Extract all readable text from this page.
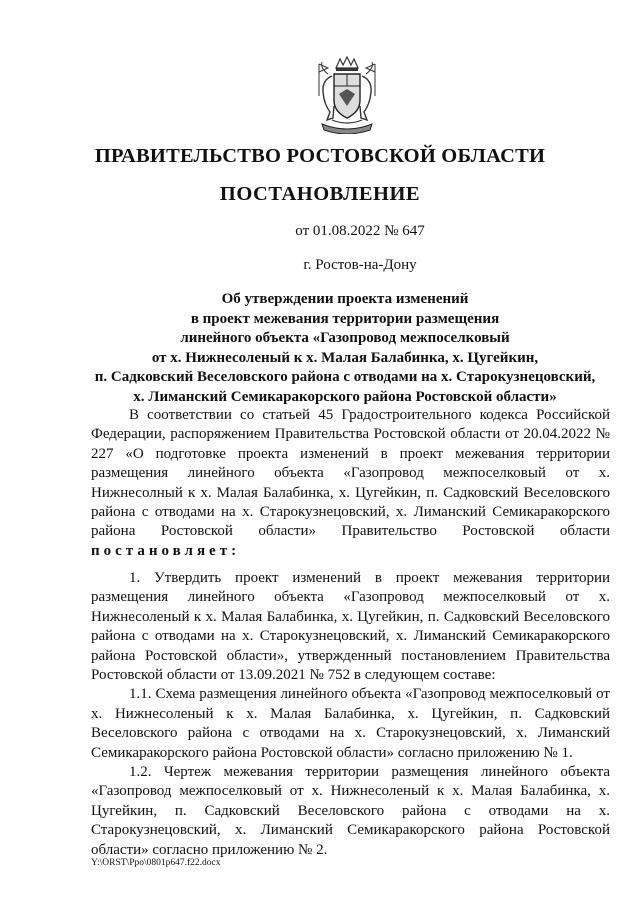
ПРАВИТЕЛЬСТВО РОСТОВСКОЙ ОБЛАСТИ
ПОСТАНОВЛЕНИЕ
от 01.08.2022 № 647
г. Ростов-на-Дону
Об утверждении проекта изменений
в проект межевания территории размещения
линейного объекта «Газопровод межпоселковый
от х. Нижнесоленый к х. Малая Балабинка, х. Цугейкин,
п. Садковский Веселовского района с отводами на х. Старокузнецовский,
х. Лиманский Семикаракорского района Ростовской области»

В соответствии со статьей 45 Градостроительного кодекса Российской Федерации, распоряжением Правительства Ростовской области от 20.04.2022 № 227 «О подготовке проекта изменений в проект межевания территории размещения линейного объекта «Газопровод межпоселковый от х. Нижнесолный к х. Малая Балабинка, х. Цугейкин, п. Садковский Веселовского района с отводами на х. Старокузнецовский, х. Лиманский Семикаракорского района Ростовской области» Правительство Ростовской области постановляет:

1. Утвердить проект изменений в проект межевания территории размещения линейного объекта «Газопровод межпоселковый от х. Нижнесоленый к х. Малая Балабинка, х. Цугейкин, п. Садковский Веселовского района с отводами на х. Старокузнецовский, х. Лиманский Семикаракорского района Ростовской области», утвержденный постановлением Правительства Ростовской области от 13.09.2021 № 752 в следующем составе:

1.1. Схема размещения линейного объекта «Газопровод межпоселковый от х. Нижнесоленый к х. Малая Балабинка, х. Цугейкин, п. Садковский Веселовского района с отводами на х. Старокузнецовский, х. Лиманский Семикаракорского района Ростовской области» согласно приложению № 1.

1.2. Чертеж межевания территории размещения линейного объекта «Газопровод межпоселковый от х. Нижнесоленый к х. Малая Балабинка, х. Цугейкин, п. Садковский Веселовского района с отводами на х. Старокузнецовский, х. Лиманский Семикаракорского района Ростовской области» согласно приложению № 2.

Y:\ORST\Ppo\0801p647.f22.docx
